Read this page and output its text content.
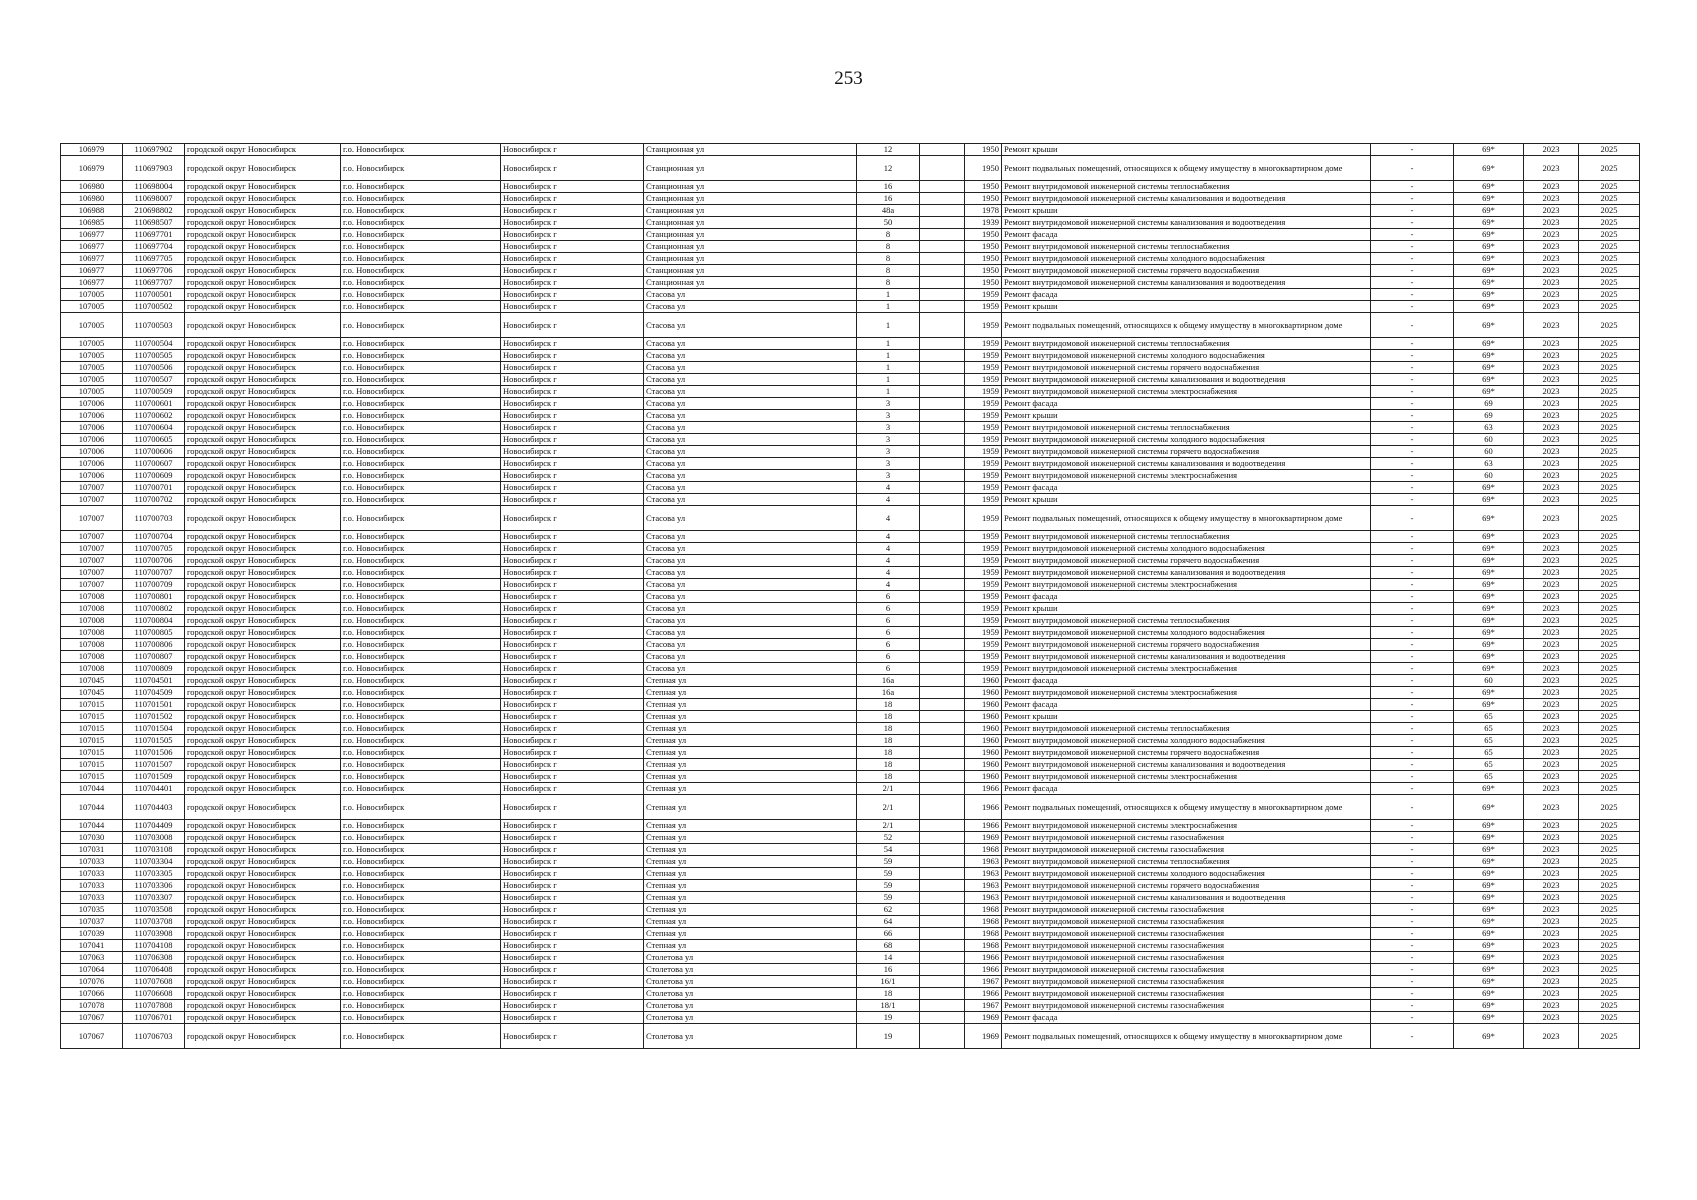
253
106979	110697902	городской округ Новосибирск	г.о. Новосибирск	Новосибирск г	Станционная ул	12		1950	Ремонт крыши	-	69*	2023	2025
106979	110697903	городской округ Новосибирск	г.о. Новосибирск	Новосибирск г	Станционная ул	12		1950	Ремонт подвальных помещений, относящихся к общему имуществу в многоквартирном доме	-	69*	2023	2025
106980	110698004	городской округ Новосибирск	г.о. Новосибирск	Новосибирск г	Станционная ул	16		1950	Ремонт внутридомовой инженерной системы теплоснабжения	-	69*	2023	2025
106980	110698007	городской округ Новосибирск	г.о. Новосибирск	Новосибирск г	Станционная ул	16		1950	Ремонт внутридомовой инженерной системы канализования и водоотведения	-	69*	2023	2025
106988	210698802	городской округ Новосибирск	г.о. Новосибирск	Новосибирск г	Станционная ул	48а		1978	Ремонт крыши	-	69*	2023	2025
106985	110698507	городской округ Новосибирск	г.о. Новосибирск	Новосибирск г	Станционная ул	50		1939	Ремонт внутридомовой инженерной системы канализования и водоотведения	-	69*	2023	2025
106977	110697701	городской округ Новосибирск	г.о. Новосибирск	Новосибирск г	Станционная ул	8		1950	Ремонт фасада	-	69*	2023	2025
106977	110697704	городской округ Новосибирск	г.о. Новосибирск	Новосибирск г	Станционная ул	8		1950	Ремонт внутридомовой инженерной системы теплоснабжения	-	69*	2023	2025
106977	110697705	городской округ Новосибирск	г.о. Новосибирск	Новосибирск г	Станционная ул	8		1950	Ремонт внутридомовой инженерной системы холодного водоснабжения	-	69*	2023	2025
106977	110697706	городской округ Новосибирск	г.о. Новосибирск	Новосибирск г	Станционная ул	8		1950	Ремонт внутридомовой инженерной системы горячего водоснабжения	-	69*	2023	2025
106977	110697707	городской округ Новосибирск	г.о. Новосибирск	Новосибирск г	Станционная ул	8		1950	Ремонт внутридомовой инженерной системы канализования и водоотведения	-	69*	2023	2025
107005	110700501	городской округ Новосибирск	г.о. Новосибирск	Новосибирск г	Стасова ул	1		1959	Ремонт фасада	-	69*	2023	2025
107005	110700502	городской округ Новосибирск	г.о. Новосибирск	Новосибирск г	Стасова ул	1		1959	Ремонт крыши	-	69*	2023	2025
107005	110700503	городской округ Новосибирск	г.о. Новосибирск	Новосибирск г	Стасова ул	1		1959	Ремонт подвальных помещений, относящихся к общему имуществу в многоквартирном доме	-	69*	2023	2025
107005	110700504	городской округ Новосибирск	г.о. Новосибирск	Новосибирск г	Стасова ул	1		1959	Ремонт внутридомовой инженерной системы теплоснабжения	-	69*	2023	2025
107005	110700505	городской округ Новосибирск	г.о. Новосибирск	Новосибирск г	Стасова ул	1		1959	Ремонт внутридомовой инженерной системы холодного водоснабжения	-	69*	2023	2025
107005	110700506	городской округ Новосибирск	г.о. Новосибирск	Новосибирск г	Стасова ул	1		1959	Ремонт внутридомовой инженерной системы горячего водоснабжения	-	69*	2023	2025
107005	110700507	городской округ Новосибирск	г.о. Новосибирск	Новосибирск г	Стасова ул	1		1959	Ремонт внутридомовой инженерной системы канализования и водоотведения	-	69*	2023	2025
107005	110700509	городской округ Новосибирск	г.о. Новосибирск	Новосибирск г	Стасова ул	1		1959	Ремонт внутридомовой инженерной системы электроснабжения	-	69*	2023	2025
107006	110700601	городской округ Новосибирск	г.о. Новосибирск	Новосибирск г	Стасова ул	3		1959	Ремонт фасада	-	69	2023	2025
107006	110700602	городской округ Новосибирск	г.о. Новосибирск	Новосибирск г	Стасова ул	3		1959	Ремонт крыши	-	69	2023	2025
107006	110700604	городской округ Новосибирск	г.о. Новосибирск	Новосибирск г	Стасова ул	3		1959	Ремонт внутридомовой инженерной системы теплоснабжения	-	63	2023	2025
107006	110700605	городской округ Новосибирск	г.о. Новосибирск	Новосибирск г	Стасова ул	3		1959	Ремонт внутридомовой инженерной системы холодного водоснабжения	-	60	2023	2025
107006	110700606	городской округ Новосибирск	г.о. Новосибирск	Новосибирск г	Стасова ул	3		1959	Ремонт внутридомовой инженерной системы горячего водоснабжения	-	60	2023	2025
107006	110700607	городской округ Новосибирск	г.о. Новосибирск	Новосибирск г	Стасова ул	3		1959	Ремонт внутридомовой инженерной системы канализования и водоотведения	-	63	2023	2025
107006	110700609	городской округ Новосибирск	г.о. Новосибирск	Новосибирск г	Стасова ул	3		1959	Ремонт внутридомовой инженерной системы электроснабжения	-	60	2023	2025
107007	110700701	городской округ Новосибирск	г.о. Новосибирск	Новосибирск г	Стасова ул	4		1959	Ремонт фасада	-	69*	2023	2025
107007	110700702	городской округ Новосибирск	г.о. Новосибирск	Новосибирск г	Стасова ул	4		1959	Ремонт крыши	-	69*	2023	2025
107007	110700703	городской округ Новосибирск	г.о. Новосибирск	Новосибирск г	Стасова ул	4		1959	Ремонт подвальных помещений, относящихся к общему имуществу в многоквартирном доме	-	69*	2023	2025
107007	110700704	городской округ Новосибирск	г.о. Новосибирск	Новосибирск г	Стасова ул	4		1959	Ремонт внутридомовой инженерной системы теплоснабжения	-	69*	2023	2025
107007	110700705	городской округ Новосибирск	г.о. Новосибирск	Новосибирск г	Стасова ул	4		1959	Ремонт внутридомовой инженерной системы холодного водоснабжения	-	69*	2023	2025
107007	110700706	городской округ Новосибирск	г.о. Новосибирск	Новосибирск г	Стасова ул	4		1959	Ремонт внутридомовой инженерной системы горячего водоснабжения	-	69*	2023	2025
107007	110700707	городской округ Новосибирск	г.о. Новосибирск	Новосибирск г	Стасова ул	4		1959	Ремонт внутридомовой инженерной системы канализования и водоотведения	-	69*	2023	2025
107007	110700709	городской округ Новосибирск	г.о. Новосибирск	Новосибирск г	Стасова ул	4		1959	Ремонт внутридомовой инженерной системы электроснабжения	-	69*	2023	2025
107008	110700801	городской округ Новосибирск	г.о. Новосибирск	Новосибирск г	Стасова ул	6		1959	Ремонт фасада	-	69*	2023	2025
107008	110700802	городской округ Новосибирск	г.о. Новосибирск	Новосибирск г	Стасова ул	6		1959	Ремонт крыши	-	69*	2023	2025
107008	110700804	городской округ Новосибирск	г.о. Новосибирск	Новосибирск г	Стасова ул	6		1959	Ремонт внутридомовой инженерной системы теплоснабжения	-	69*	2023	2025
107008	110700805	городской округ Новосибирск	г.о. Новосибирск	Новосибирск г	Стасова ул	6		1959	Ремонт внутридомовой инженерной системы холодного водоснабжения	-	69*	2023	2025
107008	110700806	городской округ Новосибирск	г.о. Новосибирск	Новосибирск г	Стасова ул	6		1959	Ремонт внутридомовой инженерной системы горячего водоснабжения	-	69*	2023	2025
107008	110700807	городской округ Новосибирск	г.о. Новосибирск	Новосибирск г	Стасова ул	6		1959	Ремонт внутридомовой инженерной системы канализования и водоотведения	-	69*	2023	2025
107008	110700809	городской округ Новосибирск	г.о. Новосибирск	Новосибирск г	Стасова ул	6		1959	Ремонт внутридомовой инженерной системы электроснабжения	-	69*	2023	2025
107045	110704501	городской округ Новосибирск	г.о. Новосибирск	Новосибирск г	Степная ул	16а		1960	Ремонт фасада	-	60	2023	2025
107045	110704509	городской округ Новосибирск	г.о. Новосибирск	Новосибирск г	Степная ул	16а		1960	Ремонт внутридомовой инженерной системы электроснабжения	-	69*	2023	2025
107015	110701501	городской округ Новосибирск	г.о. Новосибирск	Новосибирск г	Степная ул	18		1960	Ремонт фасада	-	69*	2023	2025
107015	110701502	городской округ Новосибирск	г.о. Новосибирск	Новосибирск г	Степная ул	18		1960	Ремонт крыши	-	65	2023	2025
107015	110701504	городской округ Новосибирск	г.о. Новосибирск	Новосибирск г	Степная ул	18		1960	Ремонт внутридомовой инженерной системы теплоснабжения	-	65	2023	2025
107015	110701505	городской округ Новосибирск	г.о. Новосибирск	Новосибирск г	Степная ул	18		1960	Ремонт внутридомовой инженерной системы холодного водоснабжения	-	65	2023	2025
107015	110701506	городской округ Новосибирск	г.о. Новосибирск	Новосибирск г	Степная ул	18		1960	Ремонт внутридомовой инженерной системы горячего водоснабжения	-	65	2023	2025
107015	110701507	городской округ Новосибирск	г.о. Новосибирск	Новосибирск г	Степная ул	18		1960	Ремонт внутридомовой инженерной системы канализования и водоотведения	-	65	2023	2025
107015	110701509	городской округ Новосибирск	г.о. Новосибирск	Новосибирск г	Степная ул	18		1960	Ремонт внутридомовой инженерной системы электроснабжения	-	65	2023	2025
107044	110704401	городской округ Новосибирск	г.о. Новосибирск	Новосибирск г	Степная ул	2/1		1966	Ремонт фасада	-	69*	2023	2025
107044	110704403	городской округ Новосибирск	г.о. Новосибирск	Новосибирск г	Степная ул	2/1		1966	Ремонт подвальных помещений, относящихся к общему имуществу в многоквартирном доме	-	69*	2023	2025
107044	110704409	городской округ Новосибирск	г.о. Новосибирск	Новосибирск г	Степная ул	2/1		1966	Ремонт внутридомовой инженерной системы электроснабжения	-	69*	2023	2025
107030	110703008	городской округ Новосибирск	г.о. Новосибирск	Новосибирск г	Степная ул	52		1969	Ремонт внутридомовой инженерной системы газоснабжения	-	69*	2023	2025
107031	110703108	городской округ Новосибирск	г.о. Новосибирск	Новосибирск г	Степная ул	54		1968	Ремонт внутридомовой инженерной системы газоснабжения	-	69*	2023	2025
107033	110703304	городской округ Новосибирск	г.о. Новосибирск	Новосибирск г	Степная ул	59		1963	Ремонт внутридомовой инженерной системы теплоснабжения	-	69*	2023	2025
107033	110703305	городской округ Новосибирск	г.о. Новосибирск	Новосибирск г	Степная ул	59		1963	Ремонт внутридомовой инженерной системы холодного водоснабжения	-	69*	2023	2025
107033	110703306	городской округ Новосибирск	г.о. Новосибирск	Новосибирск г	Степная ул	59		1963	Ремонт внутридомовой инженерной системы горячего водоснабжения	-	69*	2023	2025
107033	110703307	городской округ Новосибирск	г.о. Новосибирск	Новосибирск г	Степная ул	59		1963	Ремонт внутридомовой инженерной системы канализования и водоотведения	-	69*	2023	2025
107035	110703508	городской округ Новосибирск	г.о. Новосибирск	Новосибирск г	Степная ул	62		1968	Ремонт внутридомовой инженерной системы газоснабжения	-	69*	2023	2025
107037	110703708	городской округ Новосибирск	г.о. Новосибирск	Новосибирск г	Степная ул	64		1968	Ремонт внутридомовой инженерной системы газоснабжения	-	69*	2023	2025
107039	110703908	городской округ Новосибирск	г.о. Новосибирск	Новосибирск г	Степная ул	66		1968	Ремонт внутридомовой инженерной системы газоснабжения	-	69*	2023	2025
107041	110704108	городской округ Новосибирск	г.о. Новосибирск	Новосибирск г	Степная ул	68		1968	Ремонт внутридомовой инженерной системы газоснабжения	-	69*	2023	2025
107063	110706308	городской округ Новосибирск	г.о. Новосибирск	Новосибирск г	Столетова ул	14		1966	Ремонт внутридомовой инженерной системы газоснабжения	-	69*	2023	2025
107064	110706408	городской округ Новосибирск	г.о. Новосибирск	Новосибирск г	Столетова ул	16		1966	Ремонт внутридомовой инженерной системы газоснабжения	-	69*	2023	2025
107076	110707608	городской округ Новосибирск	г.о. Новосибирск	Новосибирск г	Столетова ул	16/1		1967	Ремонт внутридомовой инженерной системы газоснабжения	-	69*	2023	2025
107066	110706608	городской округ Новосибирск	г.о. Новосибирск	Новосибирск г	Столетова ул	18		1966	Ремонт внутридомовой инженерной системы газоснабжения	-	69*	2023	2025
107078	110707808	городской округ Новосибирск	г.о. Новосибирск	Новосибирск г	Столетова ул	18/1		1967	Ремонт внутридомовой инженерной системы газоснабжения	-	69*	2023	2025
107067	110706701	городской округ Новосибирск	г.о. Новосибирск	Новосибирск г	Столетова ул	19		1969	Ремонт фасада	-	69*	2023	2025
107067	110706703	городской округ Новосибирск	г.о. Новосибирск	Новосибирск г	Столетова ул	19		1969	Ремонт подвальных помещений, относящихся к общему имуществу в многоквартирном доме	-	69*	2023	2025
